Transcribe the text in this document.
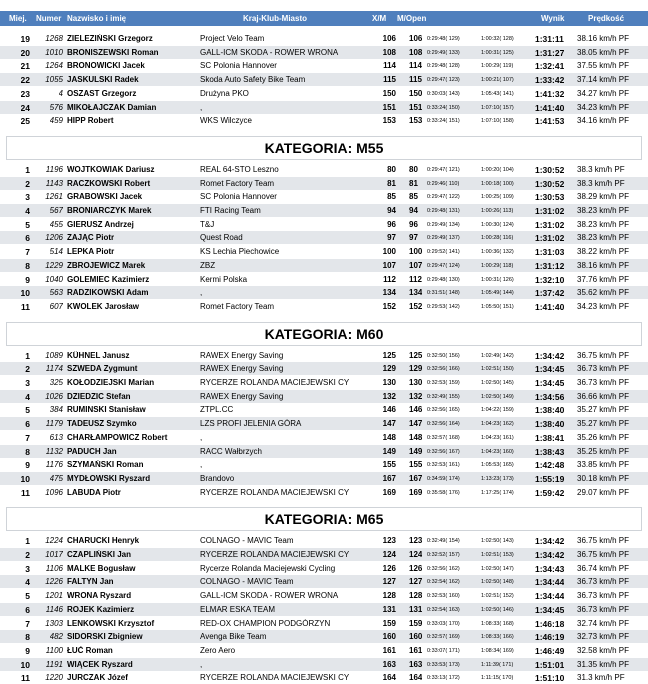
Miej. Numer Nazwisko i imię	Kraj-Klub-Miasto	X/M M/Open	Wynik	Prędkość
19 1268 ZIELEZIŃSKI Grzegorz	Project Velo Team	106 106 0:29:48( 129)	1:00:32( 128)	1:31:11 38.16 km/h PF
20 1010 BRONISZEWSKI Roman	GALL-ICM SKODA - ROWER WRONA	108 108 0:29:49( 133)	1:00:31( 125)	1:31:27 38.05 km/h PF
21 1264 BRONOWICKI Jacek	SC Polonia Hannover	114 114 0:29:48( 128)	1:00:29( 119)	1:32:41 37.55 km/h PF
22 1055 JASKULSKI Radek	Skoda Auto Safety Bike Team	115 115 0:29:47( 123)	1:00:21( 107)	1:33:42 37.14 km/h PF
23	4 OSZAST Grzegorz	Drużyna PKO	150 150 0:30:03( 143)	1:05:43( 141)	1:41:32 34.27 km/h PF
24 576 MIKOŁAJCZAK Damian	,	151 151 0:33:24( 150)	1:07:10( 157)	1:41:40 34.23 km/h PF
25 459 HIPP Robert	WKS Wilczyce	153 153 0:33:24( 151)	1:07:10( 158)	1:41:53 34.16 km/h PF
KATEGORIA: M55
1 1196 WOJTKOWIAK Dariusz	REAL 64-STO Leszno	80 80 0:29:47( 121)	1:00:20( 104)	1:30:52 38.3 km/h PF
2 1143 RACZKOWSKI Robert	Romet Factory Team	81 81 0:29:46( 110)	1:00:18( 100)	1:30:52 38.3 km/h PF
3 1261 GRABOWSKI Jacek	SC Polonia Hannover	85 85 0:29:47( 122)	1:00:25( 109)	1:30:53 38.29 km/h PF
4 567 BRONIARCZYK Marek	FTI Racing Team	94 94 0:29:48( 131)	1:00:26( 113)	1:31:02 38.23 km/h PF
5 455 GIERUSZ Andrzej	T&J	96 96 0:29:49( 134)	1:00:30( 124)	1:31:02 38.23 km/h PF
6 1206 ZAJĄC Piotr	Quest Road	97 97 0:29:49( 137)	1:00:28( 116)	1:31:02 38.23 km/h PF
7 514 LEPKA Piotr	KS Lechia Piechowice	100 100 0:29:52( 141)	1:00:36( 132)	1:31:03 38.22 km/h PF
8 1229 ZBROJEWICZ Marek	ZBZ	107 107 0:29:47( 124)	1:00:29( 118)	1:31:12 38.16 km/h PF
9 1040 GOLEMIEC Kazimierz	Kermi Polska	112 112 0:29:48( 130)	1:00:31( 126)	1:32:10 37.76 km/h PF
10 563 RADZIKOWSKI Adam	,	134 134 0:31:51( 148)	1:05:49( 144)	1:37:42 35.62 km/h PF
11 607 KWOLEK Jarosław	Romet Factory Team	152 152 0:29:53( 142)	1:05:50( 151)	1:41:40 34.23 km/h PF
KATEGORIA: M60
1 1089 KÜHNEL Janusz	RAWEX Energy Saving	125 125 0:32:50( 156)	1:02:49( 142)	1:34:42 36.75 km/h PF
2 1174 SZWEDA Zygmunt	RAWEX Energy Saving	129 129 0:32:56( 166)	1:02:51( 150)	1:34:45 36.73 km/h PF
3 325 KOŁODZIEJSKI Marian	RYCERZE ROLANDA MACIEJEWSKI CY	130 130 0:32:53( 159)	1:02:50( 145)	1:34:45 36.73 km/h PF
4 1026 DZIEDZIC Stefan	RAWEX Energy Saving	132 132 0:32:49( 155)	1:02:50( 149)	1:34:56 36.66 km/h PF
5 384 RUMINSKI Stanisław	ZTPL.CC	146 146 0:32:56( 165)	1:04:22( 159)	1:38:40 35.27 km/h PF
6 1179 TADEUSZ Szymko	LZS PROFI JELENIA GÓRA	147 147 0:32:56( 164)	1:04:23( 162)	1:38:40 35.27 km/h PF
7 613 CHARŁAMPOWICZ Robert	,	148 148 0:32:57( 168)	1:04:23( 161)	1:38:41 35.26 km/h PF
8 1132 PADUCH Jan	RACC Wałbrzych	149 149 0:32:56( 167)	1:04:23( 160)	1:38:43 35.25 km/h PF
9 1176 SZYMAŃSKI Roman	,	155 155 0:32:53( 161)	1:05:53( 165)	1:42:48 33.85 km/h PF
10 475 MYDŁOWSKI Ryszard	Brandovo	167 167 0:34:59( 174)	1:13:23( 173)	1:55:19 30.18 km/h PF
11 1096 LABUDA Piotr	RYCERZE ROLANDA MACIEJEWSKI CY	169 169 0:35:58( 176)	1:17:25( 174)	1:59:42 29.07 km/h PF
KATEGORIA: M65
1 1224 CHARUCKI Henryk	COLNAGO - MAVIC Team	123 123 0:32:49( 154)	1:02:50( 143)	1:34:42 36.75 km/h PF
2 1017 CZAPLIŃSKI Jan	RYCERZE ROLANDA MACIEJEWSKI CY	124 124 0:32:52( 157)	1:02:51( 153)	1:34:42 36.75 km/h PF
3 1106 MALKE Bogusław	Rycerze Rolanda Maciejewski Cycling	126 126 0:32:56( 162)	1:02:50( 147)	1:34:43 36.74 km/h PF
4 1226 FALTYN Jan	COLNAGO - MAVIC Team	127 127 0:32:54( 162)	1:02:50( 148)	1:34:44 36.73 km/h PF
5 1201 WRONA Ryszard	GALL-ICM SKODA - ROWER WRONA	128 128 0:32:53( 160)	1:02:51( 152)	1:34:44 36.73 km/h PF
6 1146 ROJEK Kazimierz	ELMAR ESKA TEAM	131 131 0:32:54( 163)	1:02:50( 146)	1:34:45 36.73 km/h PF
7 1303 LENKOWSKI Krzysztof	RED-OX CHAMPION PODGÓRZYN	159 159 0:33:03( 170)	1:08:33( 168)	1:46:18 32.74 km/h PF
8 482 SIDORSKI Zbigniew	Avenga Bike Team	160 160 0:32:57( 169)	1:08:33( 166)	1:46:19 32.73 km/h PF
9 1100 ŁUĆ Roman	Zero Aero	161 161 0:33:07( 171)	1:08:34( 169)	1:46:49 32.58 km/h PF
10 1191 WIĄCEK Ryszard	,	163 163 0:33:53( 173)	1:11:39( 171)	1:51:01 31.35 km/h PF
11 1220 JURCZAK Józef	RYCERZE ROLANDA MACIEJEWSKI CY	164 164 0:33:13( 172)	1:11:15( 170)	1:51:10 31.3 km/h PF
